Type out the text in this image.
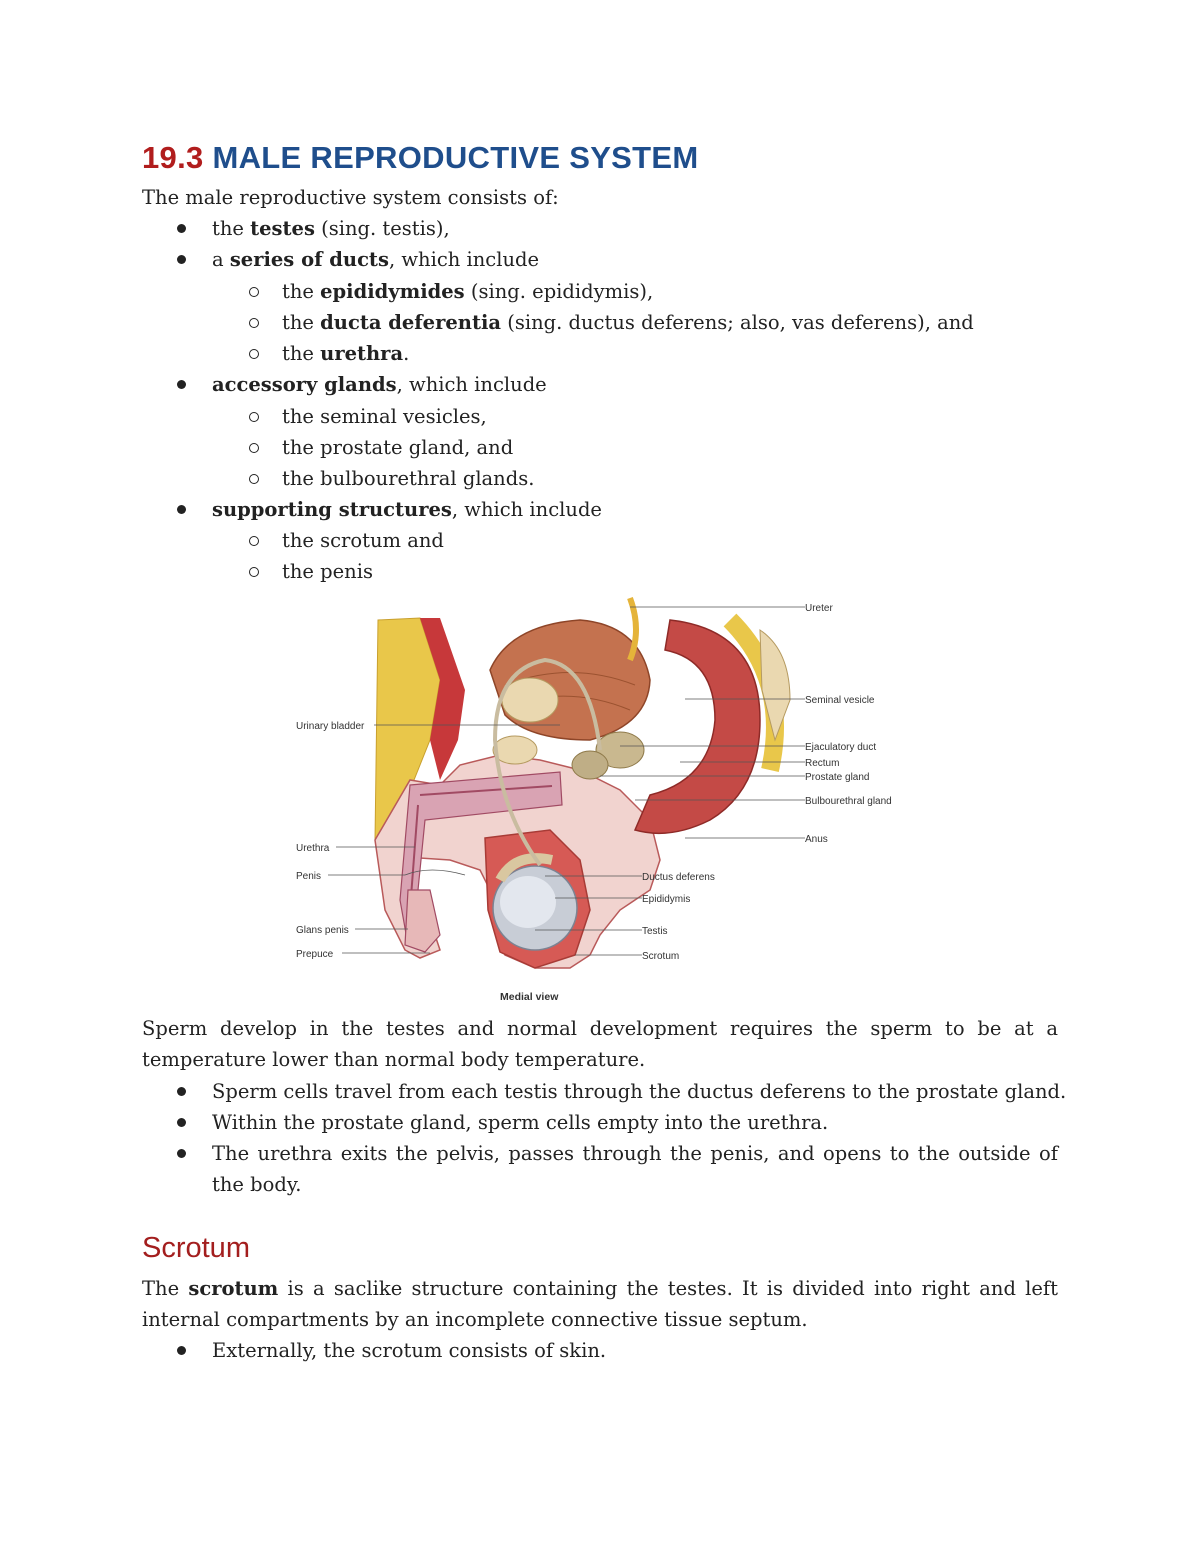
19.3 MALE REPRODUCTIVE SYSTEM
The male reproductive system consists of:
the testes (sing. testis),
a series of ducts, which include
the epididymides (sing. epididymis),
the ducta deferentia (sing. ductus deferens; also, vas deferens), and
the urethra.
accessory glands, which include
the seminal vesicles,
the prostate gland, and
the bulbourethral glands.
supporting structures, which include
the scrotum and
the penis
Ureter
Seminal vesicle
Ejaculatory duct
Rectum
Prostate gland
Bulbourethral gland
Anus
Ductus deferens
Epididymis
Testis
Scrotum
Urinary bladder
Urethra
Penis
Glans penis
Prepuce
Medial view
Sperm develop in the testes and normal development requires the sperm to be at a temperature lower than normal body temperature.
Sperm cells travel from each testis through the ductus deferens to the prostate gland.
Within the prostate gland, sperm cells empty into the urethra.
The urethra exits the pelvis, passes through the penis, and opens to the outside of the body.
Scrotum
The scrotum is a saclike structure containing the testes. It is divided into right and left internal compartments by an incomplete connective tissue septum.
Externally, the scrotum consists of skin.
